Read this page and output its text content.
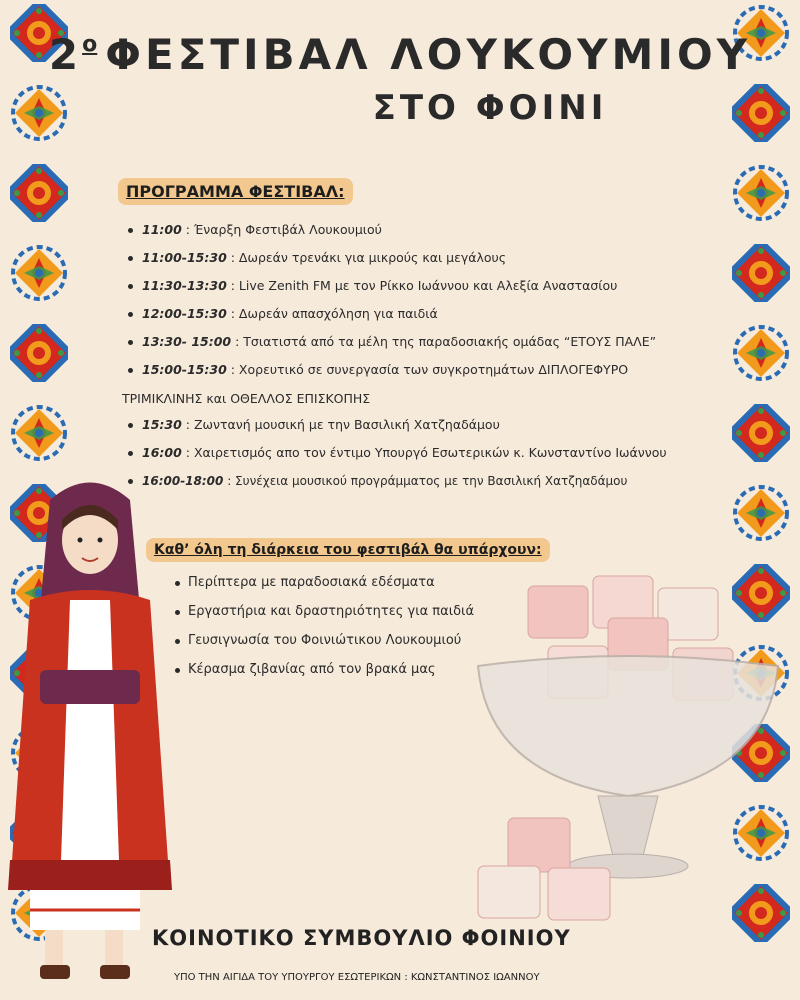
$2^o$ ΦΕΣΤΙΒΑΛ ΛΟΥΚΟΥΜΙΟΥ
ΣΤΟ ΦΟΙΝΙ
ΠΡΟΓΡΑΜΜΑ ΦΕΣΤΙΒΑΛ:
11:00 : Έναρξη Φεστιβάλ Λουκουμιού
11:00-15:30 : Δωρεάν τρενάκι για μικρούς και μεγάλους
11:30-13:30 : Live Zenith FM με τον Ρίκκο Ιωάννου και Αλεξία Αναστασίου
12:00-15:30 : Δωρεάν απασχόληση για παιδιά
13:30- 15:00 : Τσιατιστά από τα μέλη της παραδοσιακής ομάδας “ΕΤΟΥΣ ΠΑΛΕ”
15:00-15:30 : Χορευτικό σε συνεργασία των συγκροτημάτων ΔΙΠΛΟΓΕΦΥΡΟ
ΤΡΙΜΙΚΛΙΝΗΣ και ΟΘΕΛΛΟΣ ΕΠΙΣΚΟΠΗΣ
15:30 : Ζωντανή μουσική με την Βασιλική Χατζηαδάμου
16:00 : Χαιρετισμός απο τον έντιμο Υπουργό Εσωτερικών κ. Κωνσταντίνο Ιωάννου
16:00-18:00 : Συνέχεια μουσικού προγράμματος με την Βασιλική Χατζηαδάμου
Καθ’ όλη τη διάρκεια του φεστιβάλ θα υπάρχουν:
Περίπτερα με παραδοσιακά εδέσματα
Εργαστήρια και δραστηριότητες για παιδιά
Γευσιγνωσία του Φοινιώτικου Λουκουμιού
Κέρασμα ζιβανίας από τον βρακά μας
ΚΟΙΝΟΤΙΚΟ ΣΥΜΒΟΥΛΙΟ ΦΟΙΝΙΟΥ
ΥΠΟ ΤΗΝ ΑΙΓΙΔΑ ΤΟΥ ΥΠΟΥΡΓΟΥ ΕΣΩΤΕΡΙΚΩΝ : ΚΩΝΣΤΑΝΤΙΝΟΣ ΙΩΑΝΝΟΥ
